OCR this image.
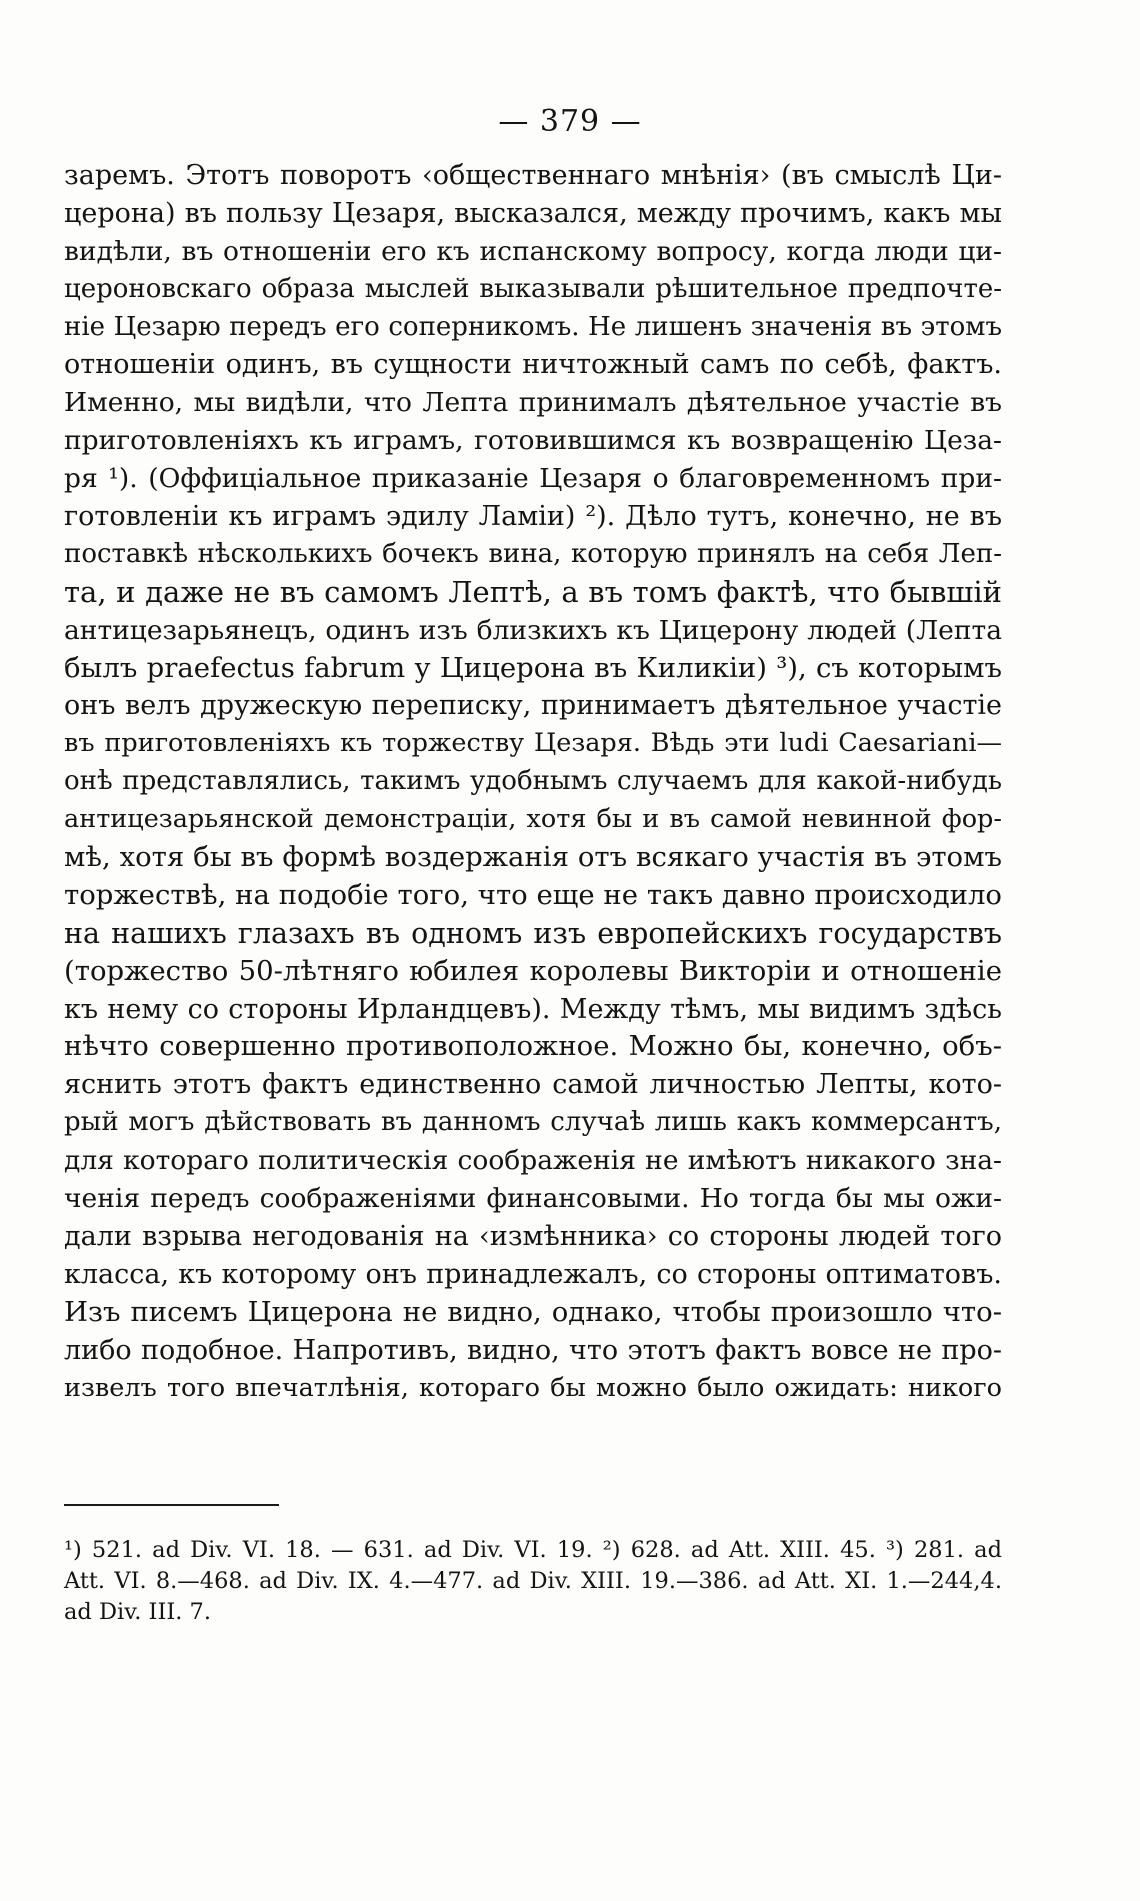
— 379 —
заремъ. Этотъ поворотъ ‹общественнаго мнѣнія› (въ смыслѣ Ци-
церона) въ пользу Цезаря, высказался, между прочимъ, какъ мы
видѣли, въ отношеніи его къ испанскому вопросу, когда люди ци-
цероновскаго образа мыслей выказывали рѣшительное предпочте-
ніе Цезарю передъ его соперникомъ. Не лишенъ значенія въ этомъ
отношеніи одинъ, въ сущности ничтожный самъ по себѣ, фактъ.
Именно, мы видѣли, что Лепта принималъ дѣятельное участіе въ
приготовленіяхъ къ играмъ, готовившимся къ возвращенію Цеза-
ря ¹). (Оффиціальное приказаніе Цезаря о благовременномъ при-
готовленіи къ играмъ эдилу Ламіи) ²). Дѣло тутъ, конечно, не въ
поставкѣ нѣсколькихъ бочекъ вина, которую принялъ на себя Леп-
та, и даже не въ самомъ Лептѣ, а въ томъ фактѣ, что бывшій
антицезарьянецъ, одинъ изъ близкихъ къ Цицерону людей (Лепта
былъ praefectus fabrum у Цицерона въ Киликіи) ³), съ которымъ
онъ велъ дружескую переписку, принимаетъ дѣятельное участіе
въ приготовленіяхъ къ торжеству Цезаря. Вѣдь эти ludi Caesariani—
онѣ представлялись, такимъ удобнымъ случаемъ для какой-нибудь
антицезарьянской демонстраціи, хотя бы и въ самой невинной фор-
мѣ, хотя бы въ формѣ воздержанія отъ всякаго участія въ этомъ
торжествѣ, на подобіе того, что еще не такъ давно происходило
на нашихъ глазахъ въ одномъ изъ европейскихъ государствъ
(торжество 50-лѣтняго юбилея королевы Викторіи и отношеніе
къ нему со стороны Ирландцевъ). Между тѣмъ, мы видимъ здѣсь
нѣчто совершенно противоположное. Можно бы, конечно, объ-
яснить этотъ фактъ единственно самой личностью Лепты, кото-
рый могъ дѣйствовать въ данномъ случаѣ лишь какъ коммерсантъ,
для котораго политическія соображенія не имѣютъ никакого зна-
ченія передъ соображеніями финансовыми. Но тогда бы мы ожи-
дали взрыва негодованія на ‹измѣнника› со стороны людей того
класса, къ которому онъ принадлежалъ, со стороны оптиматовъ.
Изъ писемъ Цицерона не видно, однако, чтобы произошло что-
либо подобное. Напротивъ, видно, что этотъ фактъ вовсе не про-
извелъ того впечатлѣнія, котораго бы можно было ожидать: никого
¹) 521. ad Div. VI. 18. — 631. ad Div. VI. 19. ²) 628. ad Att. XIII. 45. ³) 281. ad
Att. VI. 8.—468. ad Div. IX. 4.—477. ad Div. XIII. 19.—386. ad Att. XI. 1.—244,4.
ad Div. III. 7.
